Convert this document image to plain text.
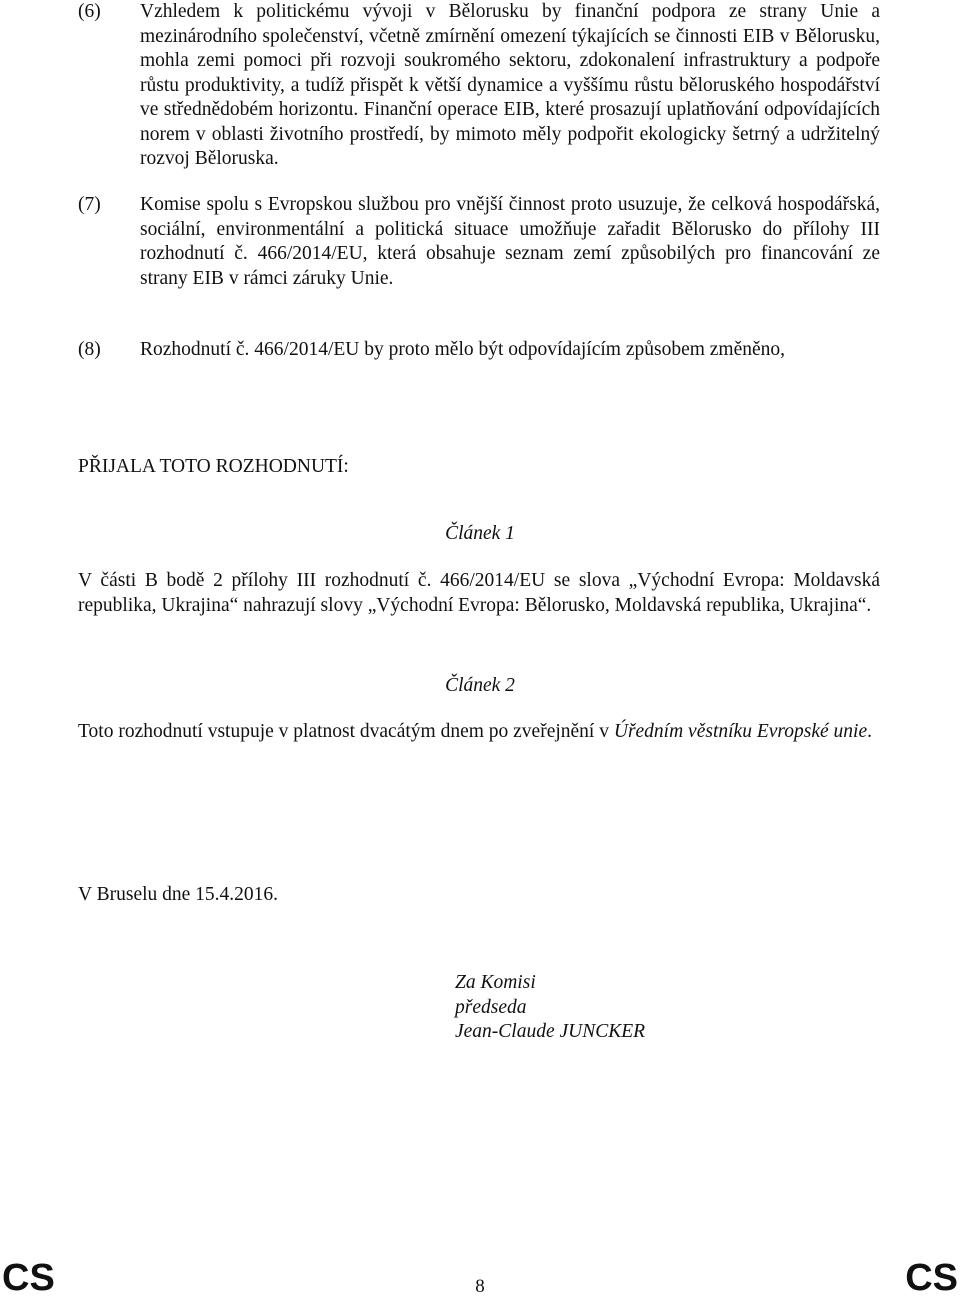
(6)	Vzhledem k politickému vývoji v Bělorusku by finanční podpora ze strany Unie a mezinárodního společenství, včetně zmírnění omezení týkajících se činnosti EIB v Bělorusku, mohla zemi pomoci při rozvoji soukromého sektoru, zdokonalení infrastruktury a podpoře růstu produktivity, a tudíž přispět k větší dynamice a vyššímu růstu běloruského hospodářství ve střednědobém horizontu. Finanční operace EIB, které prosazují uplatňování odpovídajících norem v oblasti životního prostředí, by mimoto měly podpořit ekologicky šetrný a udržitelný rozvoj Běloruska.
(7)	Komise spolu s Evropskou službou pro vnější činnost proto usuzuje, že celková hospodářská, sociální, environmentální a politická situace umožňuje zařadit Bělorusko do přílohy III rozhodnutí č. 466/2014/EU, která obsahuje seznam zemí způsobilých pro financování ze strany EIB v rámci záruky Unie.
(8)	Rozhodnutí č. 466/2014/EU by proto mělo být odpovídajícím způsobem změněno,
PŘIJALA TOTO ROZHODNUTÍ:
Článek 1
V části B bodě 2 přílohy III rozhodnutí č. 466/2014/EU se slova „Východní Evropa: Moldavská republika, Ukrajina“ nahrazují slovy „Východní Evropa: Bělorusko, Moldavská republika, Ukrajina“.
Článek 2
Toto rozhodnutí vstupuje v platnost dvacátým dnem po zveřejnění v Úředním věstníku Evropské unie.
V Bruselu dne 15.4.2016.
Za Komisi
předseda
Jean-Claude JUNCKER
CS	8	CS
